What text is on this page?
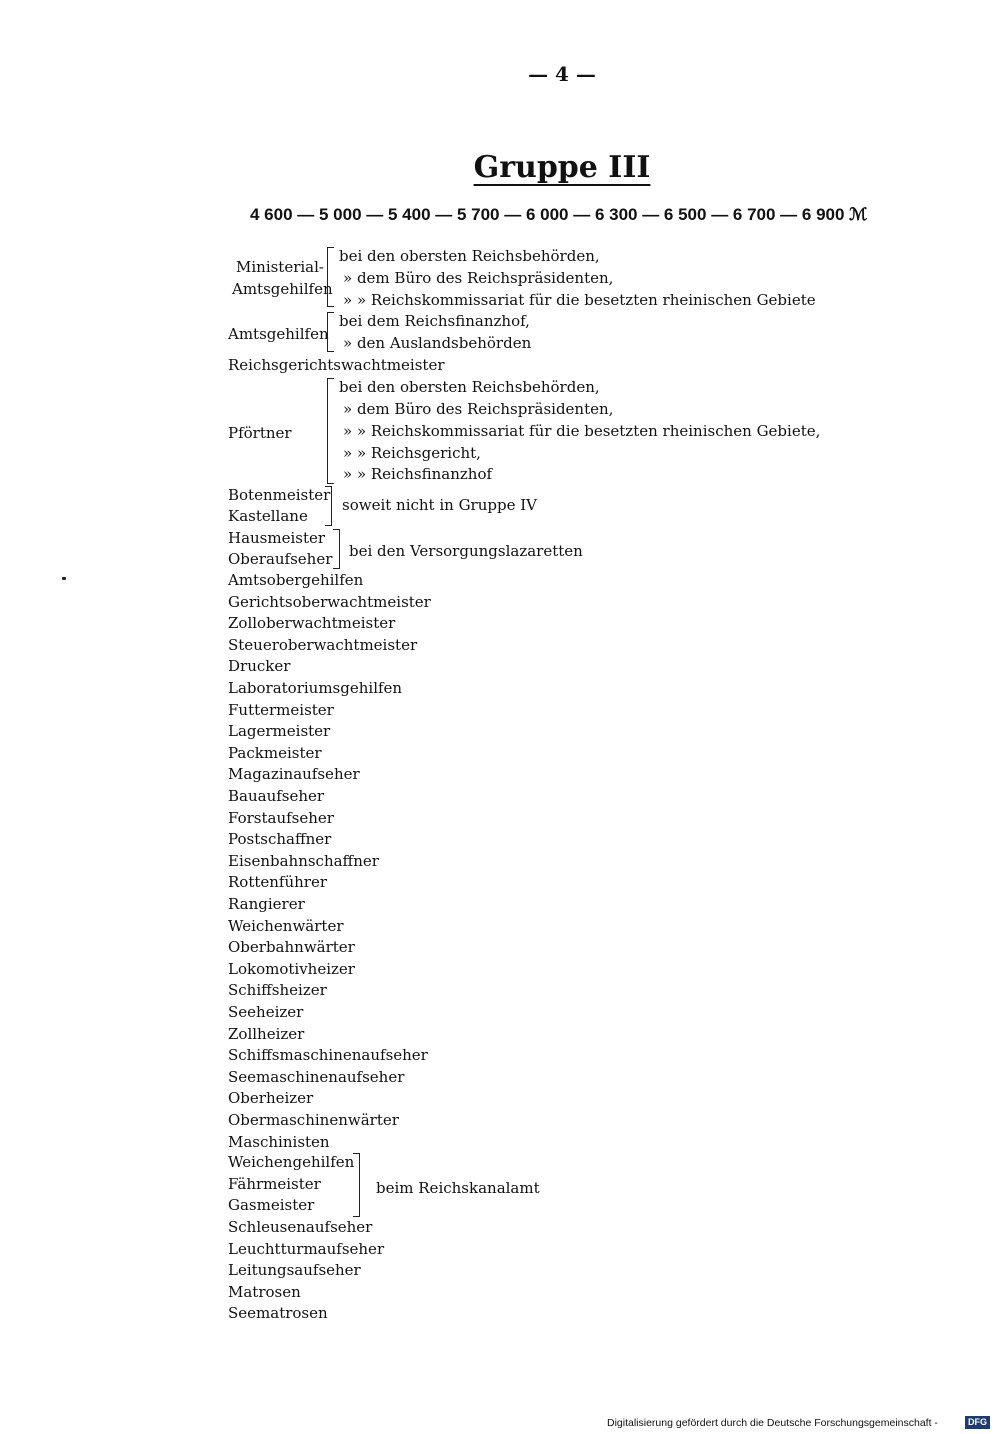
— 4 —
Gruppe III
4 600 — 5 000 — 5 400 — 5 700 — 6 000 — 6 300 — 6 500 — 6 700 — 6 900 ℳ
Ministerial-
Amtsgehilfen
bei den obersten Reichsbehörden,
» dem Büro des Reichspräsidenten,
» » Reichskommissariat für die besetzten rheinischen Gebiete
Amtsgehilfen
bei dem Reichsfinanzhof,
» den Auslandsbehörden
Reichsgerichtswachtmeister
Pförtner
bei den obersten Reichsbehörden,
» dem Büro des Reichspräsidenten,
» » Reichskommissariat für die besetzten rheinischen Gebiete,
» » Reichsgericht,
» » Reichsfinanzhof
Botenmeister
Kastellane
soweit nicht in Gruppe IV
Hausmeister
Oberaufseher bei den Versorgungslazaretten
Amtsobergehilfen
Gerichtsoberwachtmeister
Zolloberwachtmeister
Steueroberwachtmeister
Drucker
Laboratoriumsgehilfen
Futtermeister
Lagermeister
Packmeister
Magazinaufseher
Bauaufseher
Forstaufseher
Postschaffner
Eisenbahnschaffner
Rottenführer
Rangierer
Weichenwärter
Oberbahnwärter
Lokomotivheizer
Schiffsheizer
Seeheizer
Zollheizer
Schiffsmaschinenaufseher
Seemaschinenaufseher
Oberheizer
Obermaschinenwärter
Maschinisten
Weichengehilfen
Fährmeister
Gasmeister
beim Reichskanalamt
Schleusenaufseher
Leuchtturmaufseher
Leitungsaufseher
Matrosen
Seematrosen
Digitalisierung gefördert durch die Deutsche Forschungsgemeinschaft -	DFG
